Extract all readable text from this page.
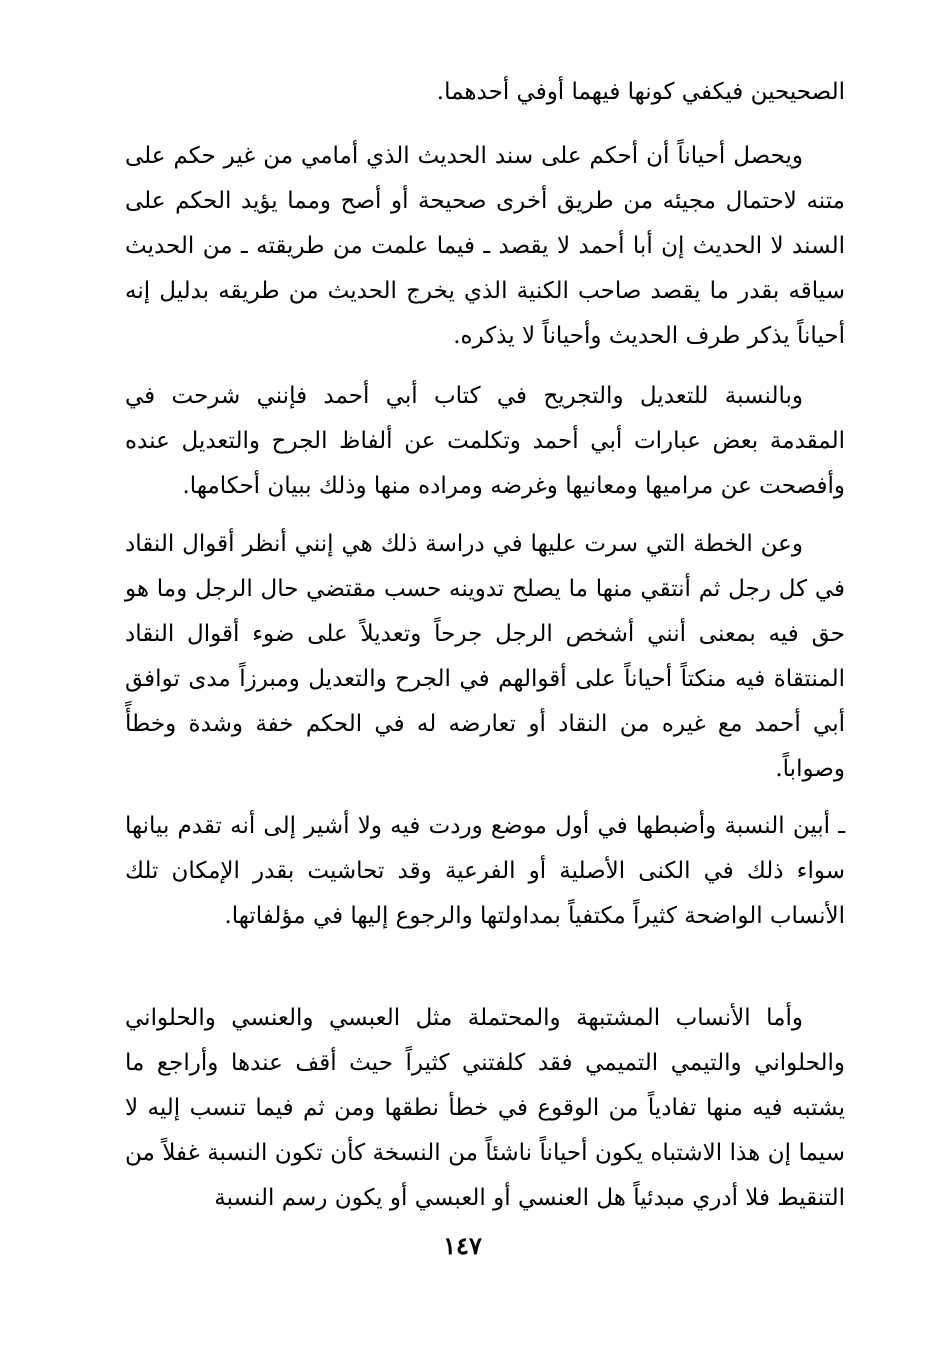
الصحيحين فيكفي كونها فيهما أوفي أحدهما.

ويحصل أحياناً أن أحكم على سند الحديث الذي أمامي من غير حكم على متنه لاحتمال مجيئه من طريق أخرى صحيحة أو أصح ومما يؤيد الحكم على السند لا الحديث إن أبا أحمد لا يقصد ـ فيما علمت من طريقته ـ من الحديث سياقه بقدر ما يقصد صاحب الكنية الذي يخرج الحديث من طريقه بدليل إنه أحياناً يذكر طرف الحديث وأحياناً لا يذكره.

وبالنسبة للتعديل والتجريح في كتاب أبي أحمد فإنني شرحت في المقدمة بعض عبارات أبي أحمد وتكلمت عن ألفاظ الجرح والتعديل عنده وأفصحت عن مراميها ومعانيها وغرضه ومراده منها وذلك ببيان أحكامها.

وعن الخطة التي سرت عليها في دراسة ذلك هي إنني أنظر أقوال النقاد في كل رجل ثم أنتقي منها ما يصلح تدوينه حسب مقتضي حال الرجل وما هو حق فيه بمعنى أنني أشخص الرجل جرحاً وتعديلاً على ضوء أقوال النقاد المنتقاة فيه منكتاً أحياناً على أقوالهم في الجرح والتعديل ومبرزاً مدى توافق أبي أحمد مع غيره من النقاد أو تعارضه له في الحكم خفة وشدة وخطأً وصواباً.

ـ أبين النسبة وأضبطها في أول موضع وردت فيه ولا أشير إلى أنه تقدم بيانها سواء ذلك في الكنى الأصلية أو الفرعية وقد تحاشيت بقدر الإمكان تلك الأنساب الواضحة كثيراً مكتفياً بمداولتها والرجوع إليها في مؤلفاتها.

وأما الأنساب المشتبهة والمحتملة مثل العبسي والعنسي والحلواني والحلواني والتيمي التميمي فقد كلفتني كثيراً حيث أقف عندها وأراجع ما يشتبه فيه منها تفادياً من الوقوع في خطأ نطقها ومن ثم فيما تنسب إليه لا سيما إن هذا الاشتباه يكون أحياناً ناشئاً من النسخة كأن تكون النسبة غفلاً من التنقيط فلا أدري مبدئياً هل العنسي أو العبسي أو يكون رسم النسبة

١٤٧
